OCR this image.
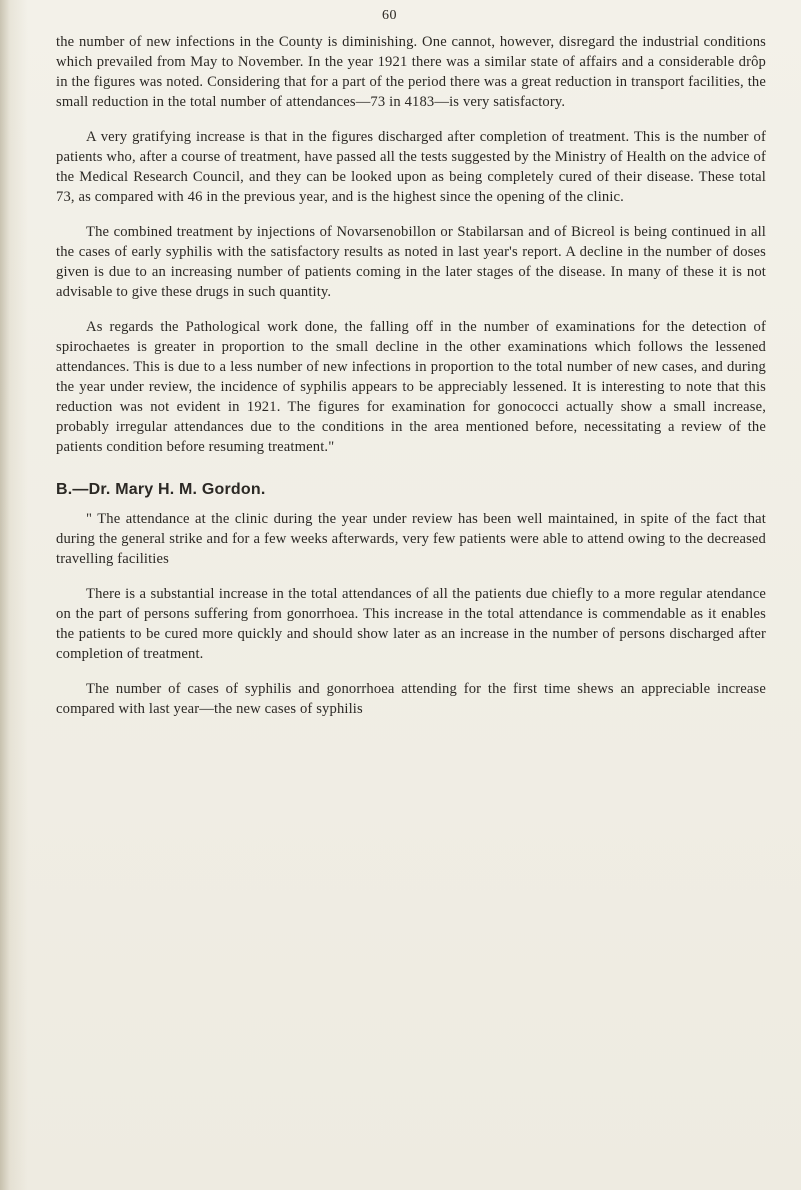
60

the number of new infections in the County is diminishing. One cannot, however, disregard the industrial conditions which prevailed from May to November. In the year 1921 there was a similar state of affairs and a considerable drôp in the figures was noted. Considering that for a part of the period there was a great reduction in transport facilities, the small reduction in the total number of attendances—73 in 4183—is very satisfactory.

A very gratifying increase is that in the figures discharged after completion of treatment. This is the number of patients who, after a course of treatment, have passed all the tests suggested by the Ministry of Health on the advice of the Medical Research Council, and they can be looked upon as being completely cured of their disease. These total 73, as compared with 46 in the previous year, and is the highest since the opening of the clinic.

The combined treatment by injections of Novarsenobillon or Stabilarsan and of Bicreol is being continued in all the cases of early syphilis with the satisfactory results as noted in last year's report. A decline in the number of doses given is due to an increasing number of patients coming in the later stages of the disease. In many of these it is not advisable to give these drugs in such quantity.

As regards the Pathological work done, the falling off in the number of examinations for the detection of spirochaetes is greater in proportion to the small decline in the other examinations which follows the lessened attendances. This is due to a less number of new infections in proportion to the total number of new cases, and during the year under review, the incidence of syphilis appears to be appreciably lessened. It is interesting to note that this reduction was not evident in 1921. The figures for examination for gonococci actually show a small increase, probably irregular attendances due to the conditions in the area mentioned before, necessitating a review of the patients condition before resuming treatment."

B.—Dr. Mary H. M. Gordon.

" The attendance at the clinic during the year under review has been well maintained, in spite of the fact that during the general strike and for a few weeks afterwards, very few patients were able to attend owing to the decreased travelling facilities

There is a substantial increase in the total attendances of all the patients due chiefly to a more regular atendance on the part of persons suffering from gonorrhoea. This increase in the total attendance is commendable as it enables the patients to be cured more quickly and should show later as an increase in the number of persons discharged after completion of treatment.

The number of cases of syphilis and gonorrhoea attending for the first time shews an appreciable increase compared with last year—the new cases of syphilis
